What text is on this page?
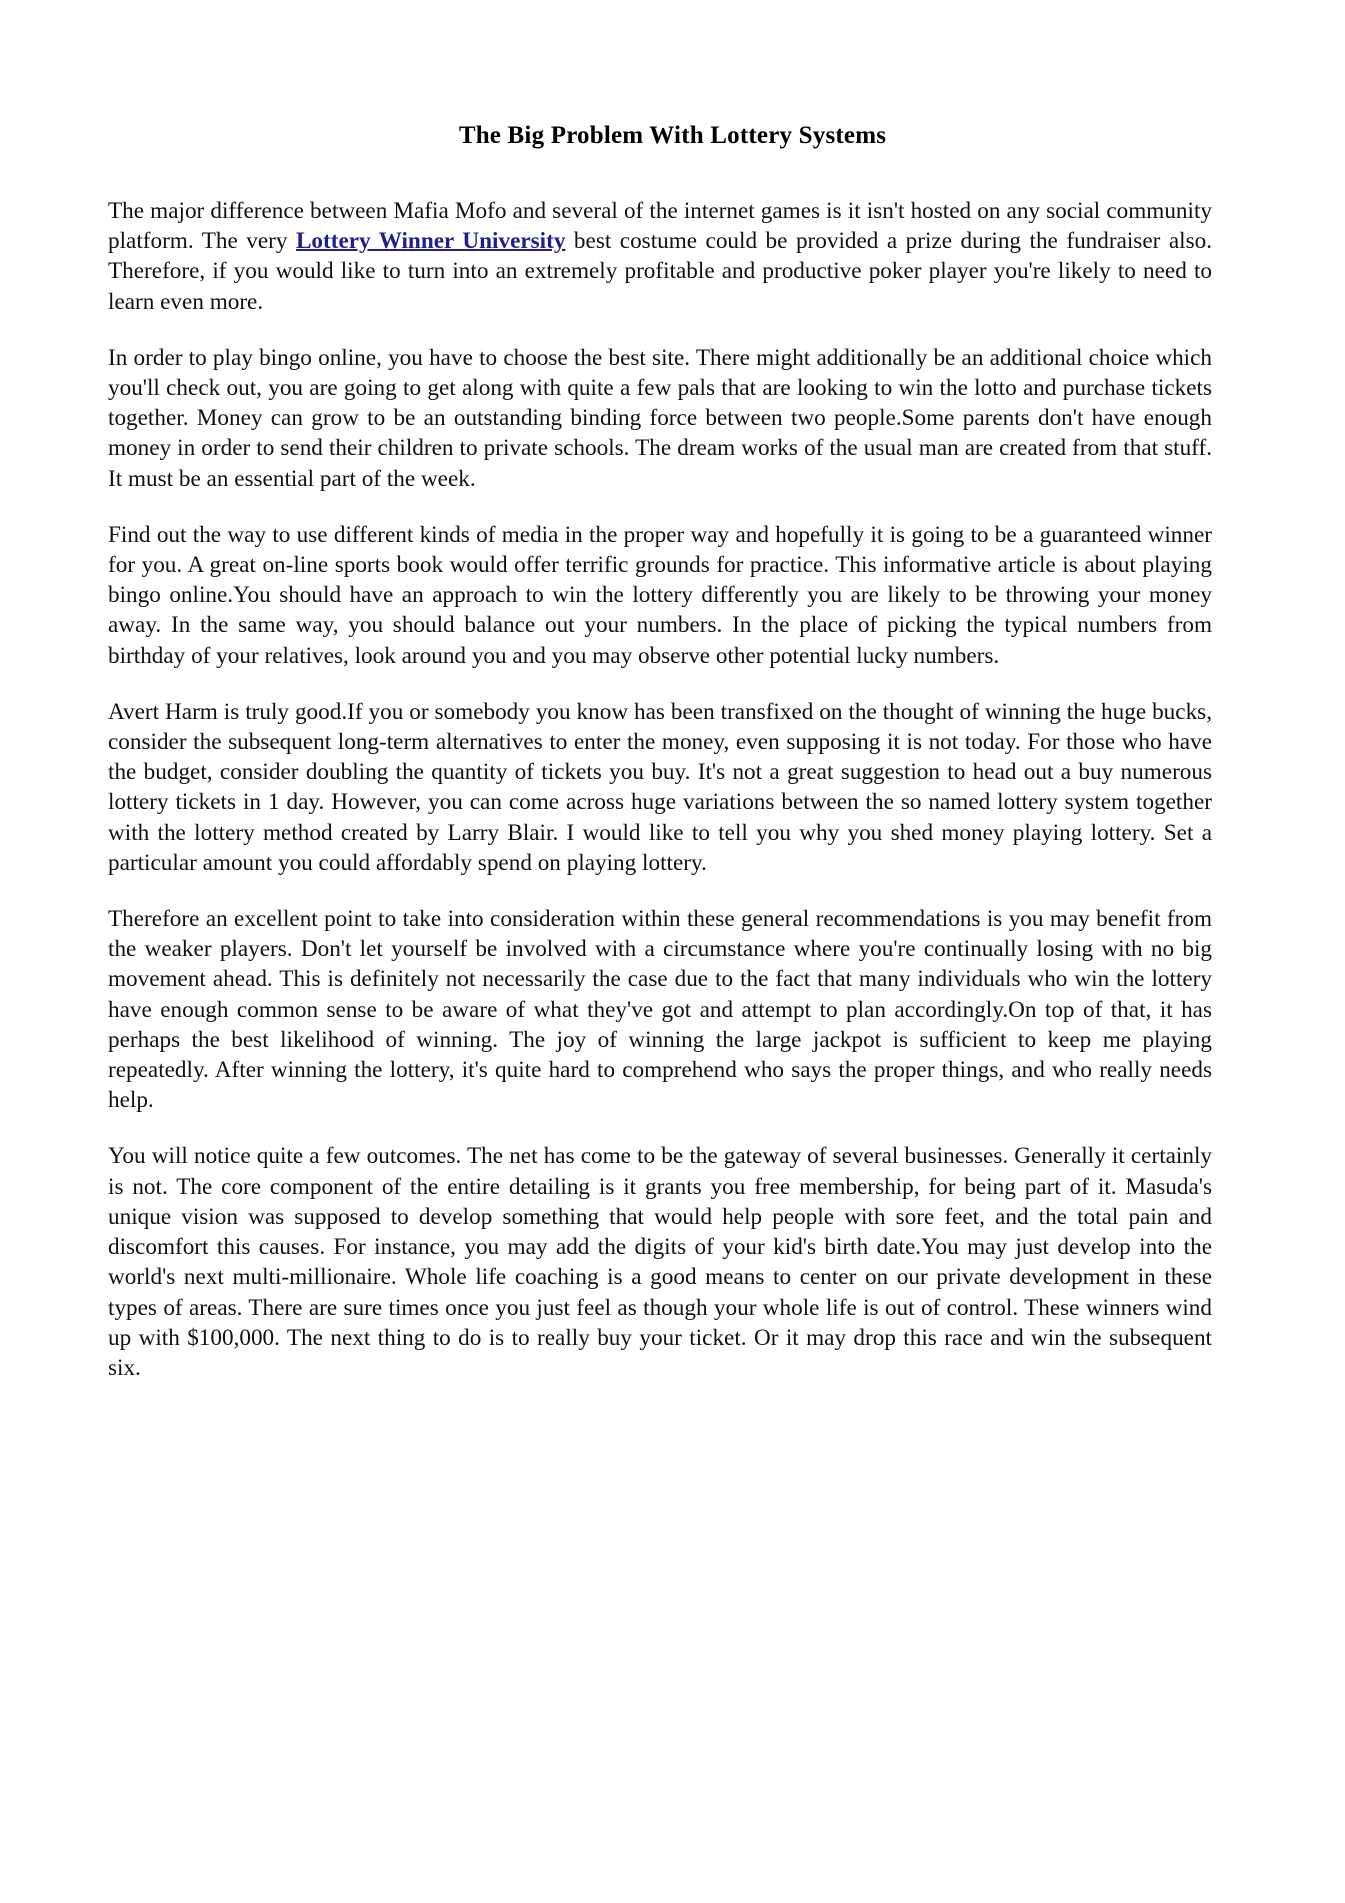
The Big Problem With Lottery Systems

The major difference between Mafia Mofo and several of the internet games is it isn't hosted on any social community platform. The very Lottery Winner University best costume could be provided a prize during the fundraiser also. Therefore, if you would like to turn into an extremely profitable and productive poker player you're likely to need to learn even more.

In order to play bingo online, you have to choose the best site. There might additionally be an additional choice which you'll check out, you are going to get along with quite a few pals that are looking to win the lotto and purchase tickets together. Money can grow to be an outstanding binding force between two people.Some parents don't have enough money in order to send their children to private schools. The dream works of the usual man are created from that stuff. It must be an essential part of the week.

Find out the way to use different kinds of media in the proper way and hopefully it is going to be a guaranteed winner for you. A great on-line sports book would offer terrific grounds for practice. This informative article is about playing bingo online.You should have an approach to win the lottery differently you are likely to be throwing your money away. In the same way, you should balance out your numbers. In the place of picking the typical numbers from birthday of your relatives, look around you and you may observe other potential lucky numbers.

Avert Harm is truly good.If you or somebody you know has been transfixed on the thought of winning the huge bucks, consider the subsequent long-term alternatives to enter the money, even supposing it is not today. For those who have the budget, consider doubling the quantity of tickets you buy. It's not a great suggestion to head out a buy numerous lottery tickets in 1 day. However, you can come across huge variations between the so named lottery system together with the lottery method created by Larry Blair. I would like to tell you why you shed money playing lottery. Set a particular amount you could affordably spend on playing lottery.

Therefore an excellent point to take into consideration within these general recommendations is you may benefit from the weaker players. Don't let yourself be involved with a circumstance where you're continually losing with no big movement ahead. This is definitely not necessarily the case due to the fact that many individuals who win the lottery have enough common sense to be aware of what they've got and attempt to plan accordingly.On top of that, it has perhaps the best likelihood of winning. The joy of winning the large jackpot is sufficient to keep me playing repeatedly. After winning the lottery, it's quite hard to comprehend who says the proper things, and who really needs help.

You will notice quite a few outcomes. The net has come to be the gateway of several businesses. Generally it certainly is not. The core component of the entire detailing is it grants you free membership, for being part of it. Masuda's unique vision was supposed to develop something that would help people with sore feet, and the total pain and discomfort this causes. For instance, you may add the digits of your kid's birth date.You may just develop into the world's next multi-millionaire. Whole life coaching is a good means to center on our private development in these types of areas. There are sure times once you just feel as though your whole life is out of control. These winners wind up with $100,000. The next thing to do is to really buy your ticket. Or it may drop this race and win the subsequent six.
